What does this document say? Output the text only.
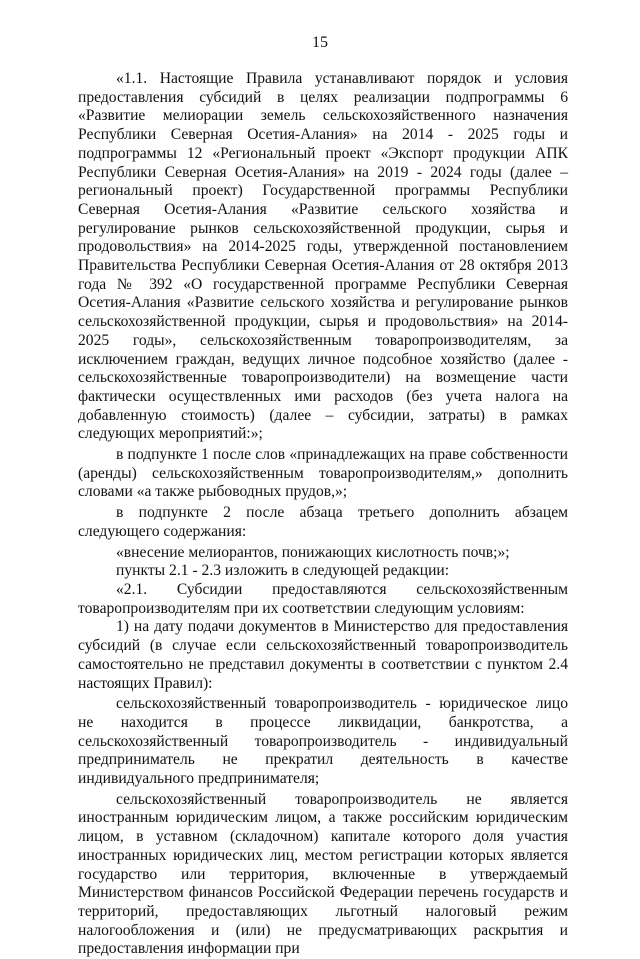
15

«1.1. Настоящие Правила устанавливают порядок и условия предоставления субсидий в целях реализации подпрограммы 6 «Развитие мелиорации земель сельскохозяйственного назначения Республики Северная Осетия-Алания» на 2014 - 2025 годы и подпрограммы 12 «Региональный проект «Экспорт продукции АПК Республики Северная Осетия-Алания» на 2019 - 2024 годы (далее – региональный проект) Государственной программы Республики Северная Осетия-Алания «Развитие сельского хозяйства и регулирование рынков сельскохозяйственной продукции, сырья и продовольствия» на 2014-2025 годы, утвержденной постановлением Правительства Республики Северная Осетия-Алания от 28 октября 2013 года № 392 «О государственной программе Республики Северная Осетия-Алания «Развитие сельского хозяйства и регулирование рынков сельскохозяйственной продукции, сырья и продовольствия» на 2014-2025 годы», сельскохозяйственным товаропроизводителям, за исключением граждан, ведущих личное подсобное хозяйство (далее - сельскохозяйственные товаропроизводители) на возмещение части фактически осуществленных ими расходов (без учета налога на добавленную стоимость) (далее – субсидии, затраты) в рамках следующих мероприятий:»;

в подпункте 1 после слов «принадлежащих на праве собственности (аренды) сельскохозяйственным товаропроизводителям,» дополнить словами «а также рыбоводных прудов,»;

в подпункте 2 после абзаца третьего дополнить абзацем следующего содержания:

«внесение мелиорантов, понижающих кислотность почв;»;

пункты 2.1 - 2.3 изложить в следующей редакции:

«2.1. Субсидии предоставляются сельскохозяйственным товаропроизводителям при их соответствии следующим условиям:

1) на дату подачи документов в Министерство для предоставления субсидий (в случае если сельскохозяйственный товаропроизводитель самостоятельно не представил документы в соответствии с пунктом 2.4 настоящих Правил):

сельскохозяйственный товаропроизводитель - юридическое лицо не находится в процессе ликвидации, банкротства, а сельскохозяйственный товаропроизводитель - индивидуальный предприниматель не прекратил деятельность в качестве индивидуального предпринимателя;

сельскохозяйственный товаропроизводитель не является иностранным юридическим лицом, а также российским юридическим лицом, в уставном (складочном) капитале которого доля участия иностранных юридических лиц, местом регистрации которых является государство или территория, включенные в утверждаемый Министерством финансов Российской Федерации перечень государств и территорий, предоставляющих льготный налоговый режим налогообложения и (или) не предусматривающих раскрытия и предоставления информации при
